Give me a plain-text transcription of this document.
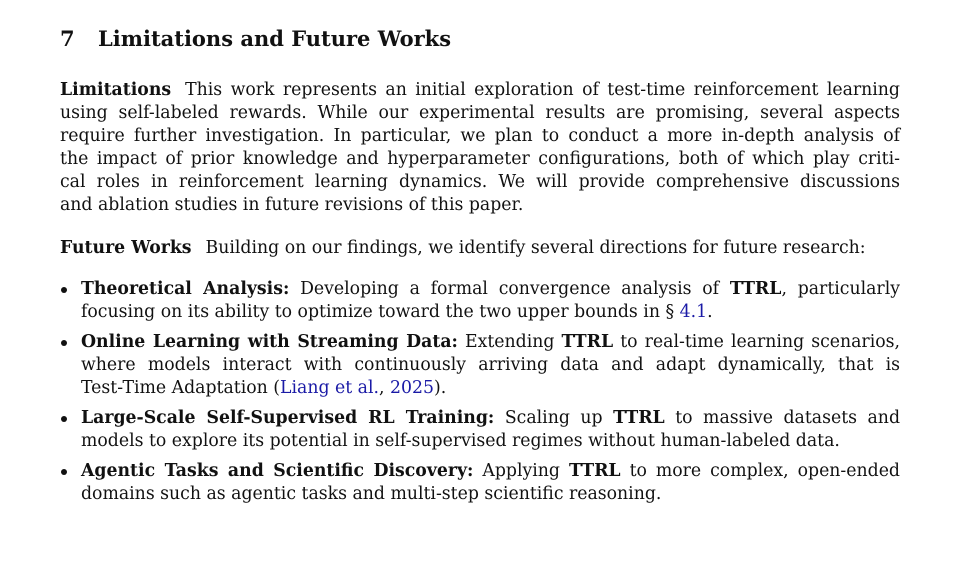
7 Limitations and Future Works
Limitations This work represents an initial exploration of test-time reinforcement learning
using self-labeled rewards. While our experimental results are promising, several aspects
require further investigation. In particular, we plan to conduct a more in-depth analysis of
the impact of prior knowledge and hyperparameter configurations, both of which play criti-
cal roles in reinforcement learning dynamics. We will provide comprehensive discussions
and ablation studies in future revisions of this paper.
Future Works Building on our findings, we identify several directions for future research:
Theoretical Analysis: Developing a formal convergence analysis of TTRL, particularly
focusing on its ability to optimize toward the two upper bounds in § 4.1.
Online Learning with Streaming Data: Extending TTRL to real-time learning scenarios,
where models interact with continuously arriving data and adapt dynamically, that is
Test-Time Adaptation (Liang et al., 2025).
Large-Scale Self-Supervised RL Training: Scaling up TTRL to massive datasets and
models to explore its potential in self-supervised regimes without human-labeled data.
Agentic Tasks and Scientific Discovery: Applying TTRL to more complex, open-ended
domains such as agentic tasks and multi-step scientific reasoning.
